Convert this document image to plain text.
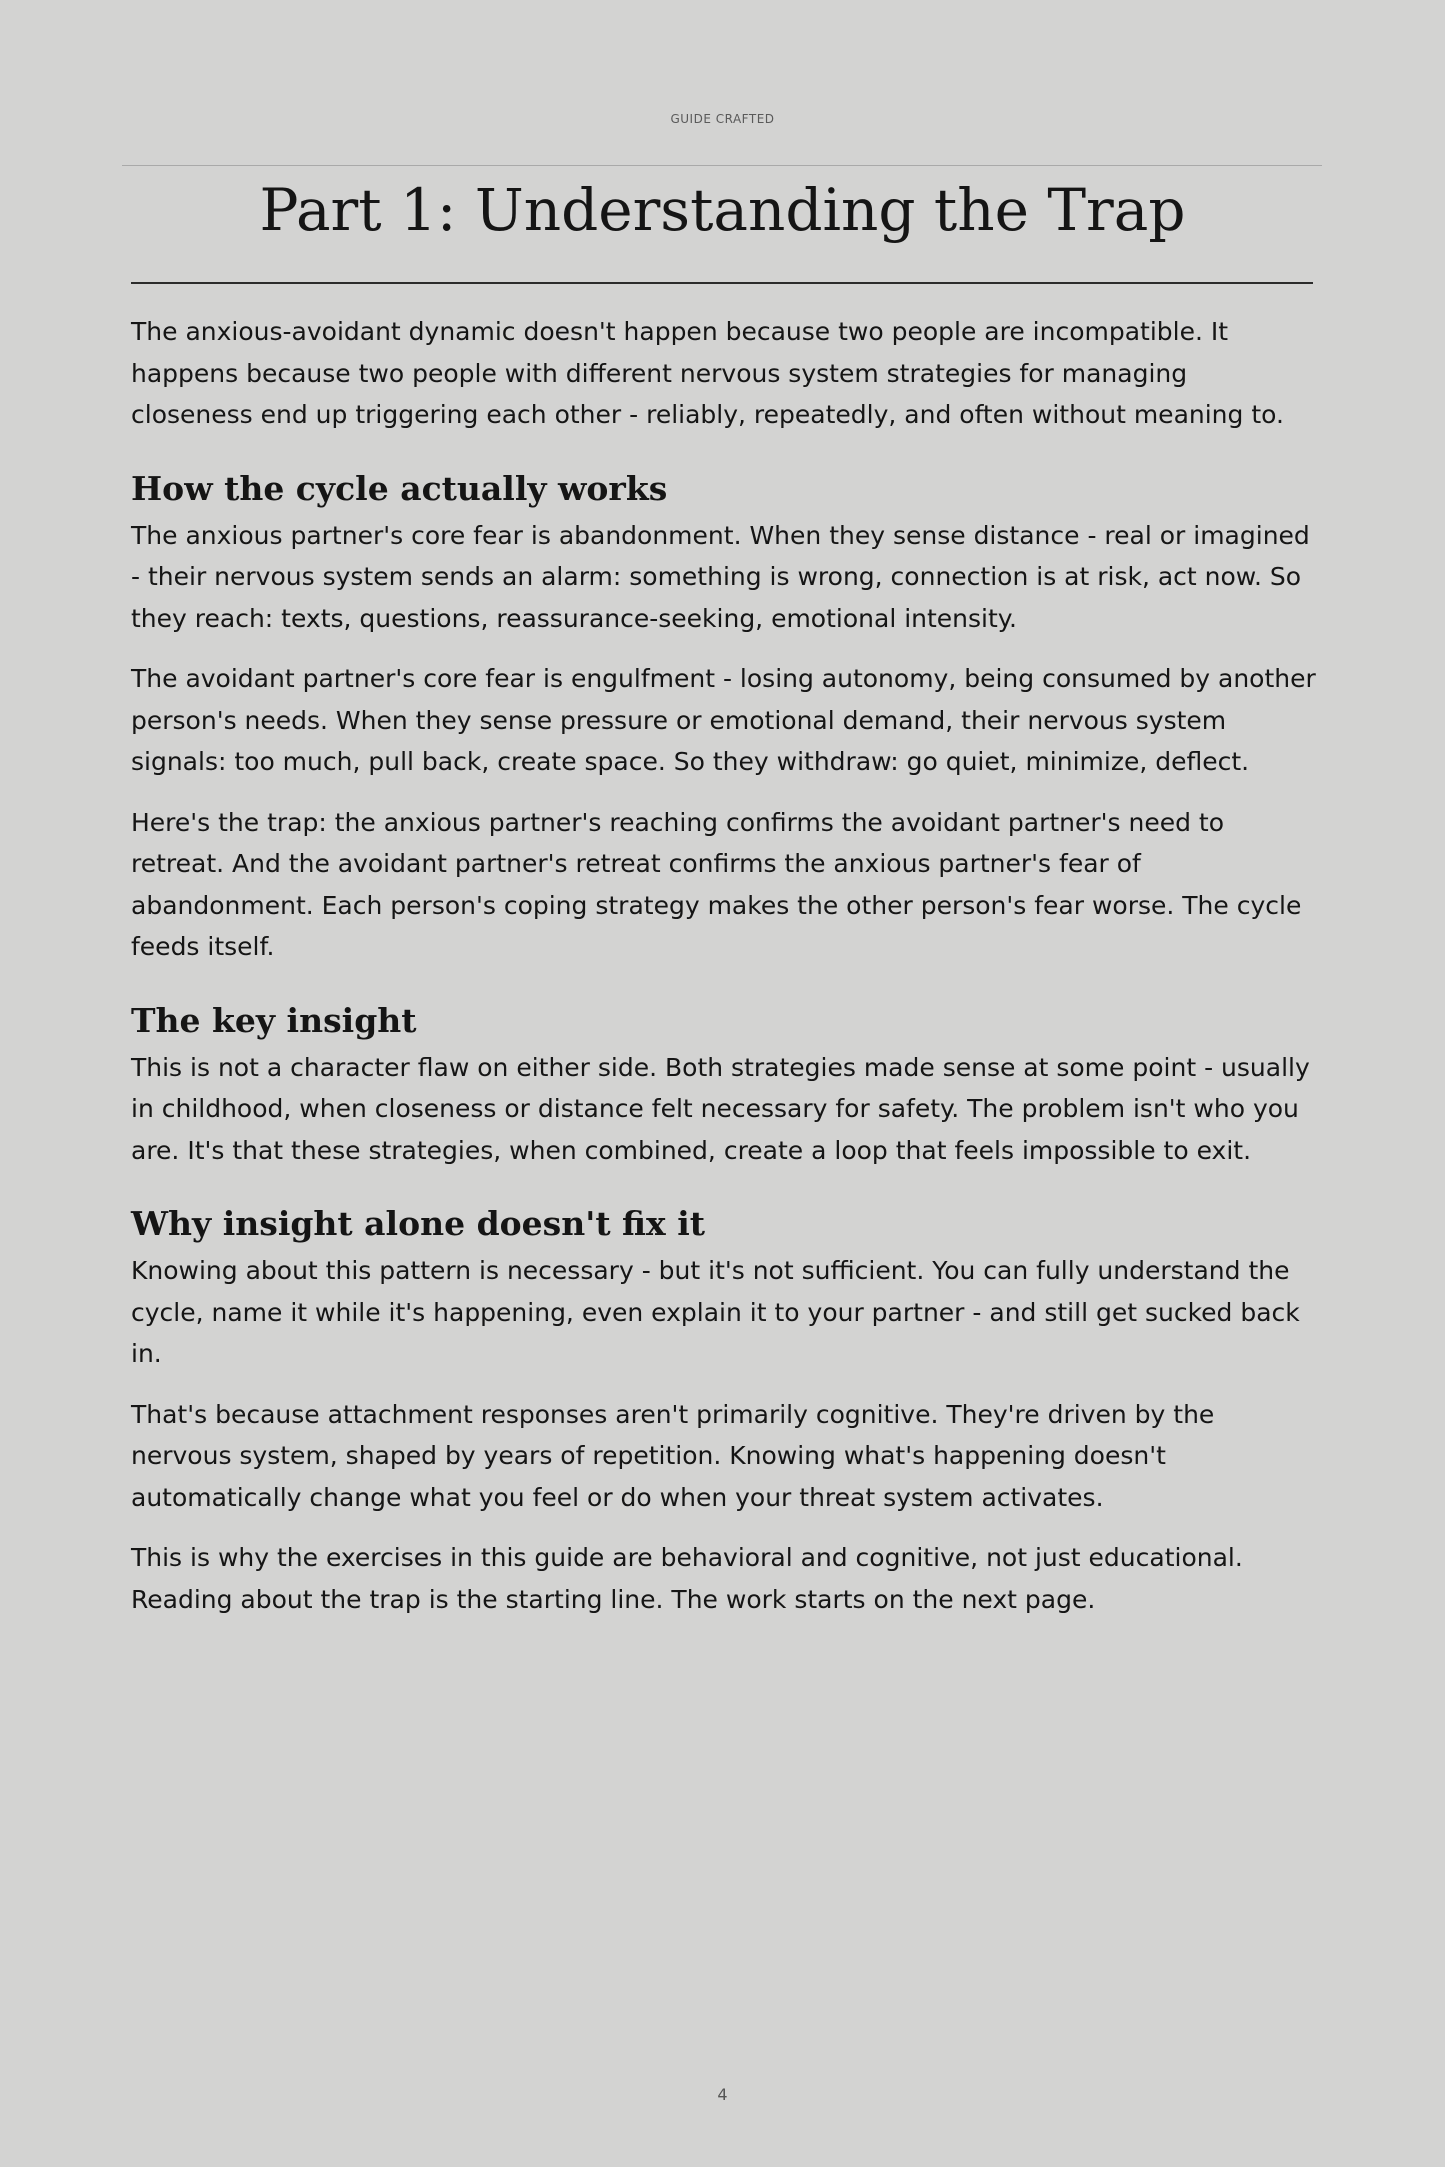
GUIDE CRAFTED
Part 1: Understanding the Trap

The anxious-avoidant dynamic doesn't happen because two people are incompatible. It happens because two people with different nervous system strategies for managing closeness end up triggering each other - reliably, repeatedly, and often without meaning to.

How the cycle actually works

The anxious partner's core fear is abandonment. When they sense distance - real or imagined - their nervous system sends an alarm: something is wrong, connection is at risk, act now. So they reach: texts, questions, reassurance-seeking, emotional intensity.

The avoidant partner's core fear is engulfment - losing autonomy, being consumed by another person's needs. When they sense pressure or emotional demand, their nervous system signals: too much, pull back, create space. So they withdraw: go quiet, minimize, deflect.

Here's the trap: the anxious partner's reaching confirms the avoidant partner's need to retreat. And the avoidant partner's retreat confirms the anxious partner's fear of abandonment. Each person's coping strategy makes the other person's fear worse. The cycle feeds itself.

The key insight

This is not a character flaw on either side. Both strategies made sense at some point - usually in childhood, when closeness or distance felt necessary for safety. The problem isn't who you are. It's that these strategies, when combined, create a loop that feels impossible to exit.

Why insight alone doesn't fix it

Knowing about this pattern is necessary - but it's not sufficient. You can fully understand the cycle, name it while it's happening, even explain it to your partner - and still get sucked back in.

That's because attachment responses aren't primarily cognitive. They're driven by the nervous system, shaped by years of repetition. Knowing what's happening doesn't automatically change what you feel or do when your threat system activates.

This is why the exercises in this guide are behavioral and cognitive, not just educational. Reading about the trap is the starting line. The work starts on the next page.

4
